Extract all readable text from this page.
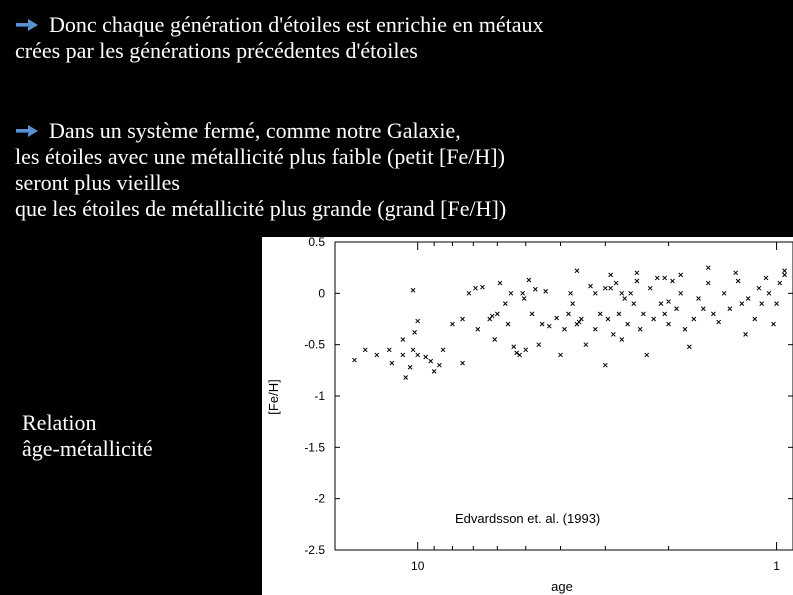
Donc chaque génération d'étoiles est enrichie en métaux
crées par les générations précédentes d'étoiles
Dans un système fermé, comme notre Galaxie,
les étoiles avec une métallicité plus faible (petit [Fe/H])
seront plus vieilles
que les étoiles de métallicité plus grande (grand [Fe/H])
Relation
âge-métallicité
0.5
0
-0.5
-1
-1.5
-2
-2.5
10	1
Edvardsson et. al. (1993)
age
[Fe/H]
